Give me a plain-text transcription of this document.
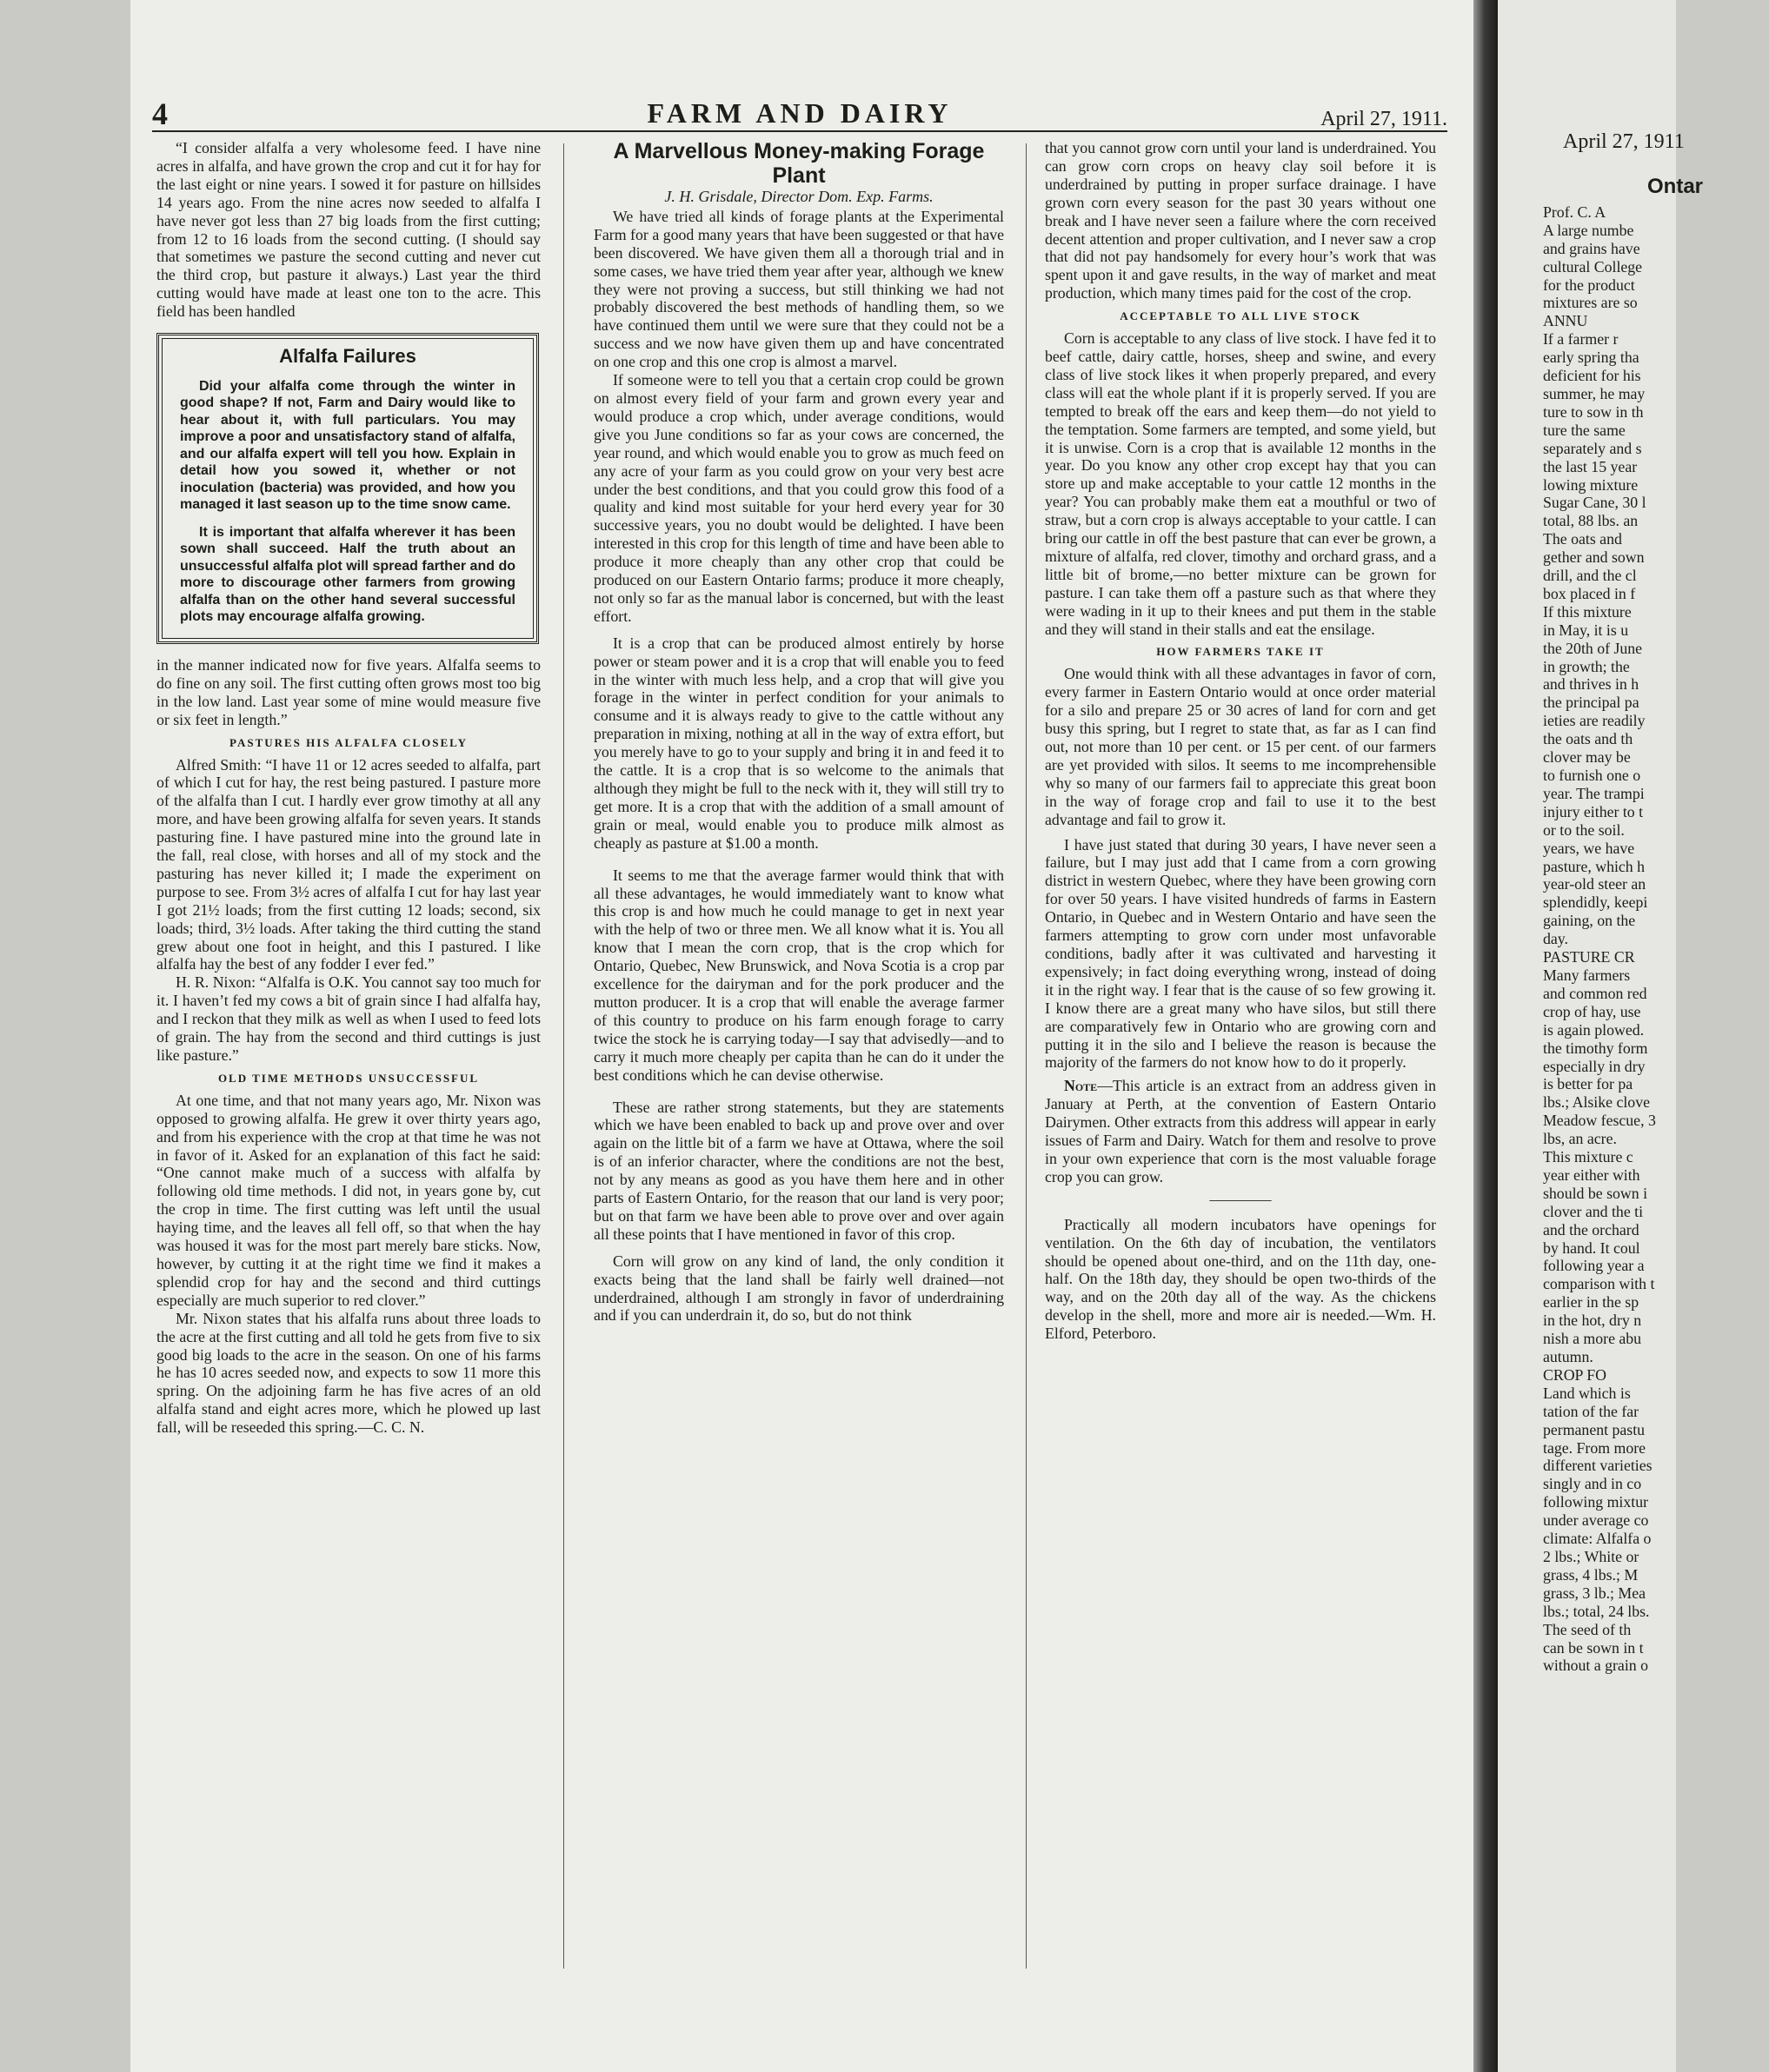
4	FARM AND DAIRY	April 27, 1911.

“I consider alfalfa a very wholesome feed. I have nine acres in alfalfa, and have grown the crop and cut it for hay for the last eight or nine years. I sowed it for pasture on hillsides 14 years ago. From the nine acres now seeded to alfalfa I have never got less than 27 big loads from the first cutting; from 12 to 16 loads from the second cutting. (I should say that sometimes we pasture the second cutting and never cut the third crop, but pasture it always.) Last year the third cutting would have made at least one ton to the acre. This field has been handled

Alfalfa Failures

Did your alfalfa come through the winter in good shape? If not, Farm and Dairy would like to hear about it, with full particulars. You may improve a poor and unsatisfactory stand of alfalfa, and our alfalfa expert will tell you how. Explain in detail how you sowed it, whether or not inoculation (bacteria) was provided, and how you managed it last season up to the time snow came.

It is important that alfalfa wherever it has been sown shall succeed. Half the truth about an unsuccessful alfalfa plot will spread farther and do more to discourage other farmers from growing alfalfa than on the other hand several successful plots may encourage alfalfa growing.

in the manner indicated now for five years. Alfalfa seems to do fine on any soil. The first cutting often grows most too big in the low land. Last year some of mine would measure five or six feet in length.”

PASTURES HIS ALFALFA CLOSELY

Alfred Smith: “I have 11 or 12 acres seeded to alfalfa, part of which I cut for hay, the rest being pastured. I pasture more of the alfalfa than I cut. I hardly ever grow timothy at all any more, and have been growing alfalfa for seven years. It stands pasturing fine. I have pastured mine into the ground late in the fall, real close, with horses and all of my stock and the pasturing has never killed it; I made the experiment on purpose to see. From 3½ acres of alfalfa I cut for hay last year I got 21½ loads; from the first cutting 12 loads; second, six loads; third, 3½ loads. After taking the third cutting the stand grew about one foot in height, and this I pastured. I like alfalfa hay the best of any fodder I ever fed.”

H. R. Nixon: “Alfalfa is O.K. You cannot say too much for it. I haven’t fed my cows a bit of grain since I had alfalfa hay, and I reckon that they milk as well as when I used to feed lots of grain. The hay from the second and third cuttings is just like pasture.”

OLD TIME METHODS UNSUCCESSFUL

At one time, and that not many years ago, Mr. Nixon was opposed to growing alfalfa. He grew it over thirty years ago, and from his experience with the crop at that time he was not in favor of it. Asked for an explanation of this fact he said: “One cannot make much of a success with alfalfa by following old time methods. I did not, in years gone by, cut the crop in time. The first cutting was left until the usual haying time, and the leaves all fell off, so that when the hay was housed it was for the most part merely bare sticks. Now, however, by cutting it at the right time we find it makes a splendid crop for hay and the second and third cuttings especially are much superior to red clover.”

Mr. Nixon states that his alfalfa runs about three loads to the acre at the first cutting and all told he gets from five to six good big loads to the acre in the season. On one of his farms he has 10 acres seeded now, and expects to sow 11 more this spring. On the adjoining farm he has five acres of an old alfalfa stand and eight acres more, which he plowed up last fall, will be reseeded this spring.—C. C. N.

A Marvellous Money-making Forage Plant
J. H. Grisdale, Director Dom. Exp. Farms.

We have tried all kinds of forage plants at the Experimental Farm for a good many years that have been suggested or that have been discovered. We have given them all a thorough trial and in some cases, we have tried them year after year, although we knew they were not proving a success, but still thinking we had not probably discovered the best methods of handling them, so we have continued them until we were sure that they could not be a success and we now have given them up and have concentrated on one crop and this one crop is almost a marvel.

If someone were to tell you that a certain crop could be grown on almost every field of your farm and grown every year and would produce a crop which, under average conditions, would give you June conditions so far as your cows are concerned, the year round, and which would enable you to grow as much feed on any acre of your farm as you could grow on your very best acre under the best conditions, and that you could grow this food of a quality and kind most suitable for your herd every year for 30 successive years, you no doubt would be delighted. I have been interested in this crop for this length of time and have been able to produce it more cheaply than any other crop that could be produced on our Eastern Ontario farms; produce it more cheaply, not only so far as the manual labor is concerned, but with the least effort.

It is a crop that can be produced almost entirely by horse power or steam power and it is a crop that will enable you to feed in the winter with much less help, and a crop that will give you forage in the winter in perfect condition for your animals to consume and it is always ready to give to the cattle without any preparation in mixing, nothing at all in the way of extra effort, but you merely have to go to your supply and bring it in and feed it to the cattle. It is a crop that is so welcome to the animals that although they might be full to the neck with it, they will still try to get more. It is a crop that with the addition of a small amount of grain or meal, would enable you to produce milk almost as cheaply as pasture at $1.00 a month.

It seems to me that the average farmer would think that with all these advantages, he would immediately want to know what this crop is and how much he could manage to get in next year with the help of two or three men. We all know what it is. You all know that I mean the corn crop, that is the crop which for Ontario, Quebec, New Brunswick, and Nova Scotia is a crop par excellence for the dairyman and for the pork producer and the mutton producer. It is a crop that will enable the average farmer of this country to produce on his farm enough forage to carry twice the stock he is carrying today—I say that advisedly—and to carry it much more cheaply per capita than he can do it under the best conditions which he can devise otherwise.

These are rather strong statements, but they are statements which we have been enabled to back up and prove over and over again on the little bit of a farm we have at Ottawa, where the soil is of an inferior character, where the conditions are not the best, not by any means as good as you have them here and in other parts of Eastern Ontario, for the reason that our land is very poor; but on that farm we have been able to prove over and over again all these points that I have mentioned in favor of this crop.

Corn will grow on any kind of land, the only condition it exacts being that the land shall be fairly well drained—not underdrained, although I am strongly in favor of underdraining and if you can underdrain it, do so, but do not think

that you cannot grow corn until your land is underdrained. You can grow corn crops on heavy clay soil before it is underdrained by putting in proper surface drainage. I have grown corn every season for the past 30 years without one break and I have never seen a failure where the corn received decent attention and proper cultivation, and I never saw a crop that did not pay handsomely for every hour’s work that was spent upon it and gave results, in the way of market and meat production, which many times paid for the cost of the crop.

ACCEPTABLE TO ALL LIVE STOCK

Corn is acceptable to any class of live stock. I have fed it to beef cattle, dairy cattle, horses, sheep and swine, and every class of live stock likes it when properly prepared, and every class will eat the whole plant if it is properly served. If you are tempted to break off the ears and keep them—do not yield to the temptation. Some farmers are tempted, and some yield, but it is unwise. Corn is a crop that is available 12 months in the year. Do you know any other crop except hay that you can store up and make acceptable to your cattle 12 months in the year? You can probably make them eat a mouthful or two of straw, but a corn crop is always acceptable to your cattle. I can bring our cattle in off the best pasture that can ever be grown, a mixture of alfalfa, red clover, timothy and orchard grass, and a little bit of brome,—no better mixture can be grown for pasture. I can take them off a pasture such as that where they were wading in it up to their knees and put them in the stable and they will stand in their stalls and eat the ensilage.

HOW FARMERS TAKE IT

One would think with all these advantages in favor of corn, every farmer in Eastern Ontario would at once order material for a silo and prepare 25 or 30 acres of land for corn and get busy this spring, but I regret to state that, as far as I can find out, not more than 10 per cent. or 15 per cent. of our farmers are yet provided with silos. It seems to me incomprehensible why so many of our farmers fail to appreciate this great boon in the way of forage crop and fail to use it to the best advantage and fail to grow it.

I have just stated that during 30 years, I have never seen a failure, but I may just add that I came from a corn growing district in western Quebec, where they have been growing corn for over 50 years. I have visited hundreds of farms in Eastern Ontario, in Quebec and in Western Ontario and have seen the farmers attempting to grow corn under most unfavorable conditions, badly after it was cultivated and harvesting it expensively; in fact doing everything wrong, instead of doing it in the right way. I fear that is the cause of so few growing it. I know there are a great many who have silos, but still there are comparatively few in Ontario who are growing corn and putting it in the silo and I believe the reason is because the majority of the farmers do not know how to do it properly.

Note—This article is an extract from an address given in January at Perth, at the convention of Eastern Ontario Dairymen. Other extracts from this address will appear in early issues of Farm and Dairy. Watch for them and resolve to prove in your own experience that corn is the most valuable forage crop you can grow.

————

Practically all modern incubators have openings for ventilation. On the 6th day of incubation, the ventilators should be opened about one-third, and on the 11th day, one-half. On the 18th day, they should be open two-thirds of the way, and on the 20th day all of the way. As the chickens develop in the shell, more and more air is needed.—Wm. H. Elford, Peterboro.

April 27, 1911
Ontar
Prof. C. A
A large numbe
and grains have
cultural College
for the product
mixtures are so
ANNU
If a farmer r
early spring tha
deficient for his
summer, he may
ture to sow in th
ture the same
separately and s
the last 15 year
lowing mixture
Sugar Cane, 30 l
total, 88 lbs. an
The oats and
gether and sown
drill, and the cl
box placed in f
If this mixture
in May, it is u
the 20th of June
in growth; the
and thrives in h
the principal pa
ieties are readily
the oats and th
clover may be
to furnish one o
year. The trampi
injury either to t
or to the soil.
years, we have
pasture, which h
year-old steer an
splendidly, keepi
gaining, on the
day.
PASTURE CR
Many farmers
and common red
crop of hay, use
is again plowed.
the timothy form
especially in dry
is better for pa
lbs.; Alsike clove
Meadow fescue, 3
lbs, an acre.
This mixture c
year either with
should be sown i
clover and the ti
and the orchard
by hand. It coul
following year a
comparison with t
earlier in the sp
in the hot, dry n
nish a more abu
autumn.
CROP FO
Land which is
tation of the far
permanent pastu
tage. From more
different varieties
singly and in co
following mixtur
under average co
climate: Alfalfa o
2 lbs.; White or
grass, 4 lbs.; M
grass, 3 lb.; Mea
lbs.; total, 24 lbs.
The seed of th
can be sown in t
without a grain o
